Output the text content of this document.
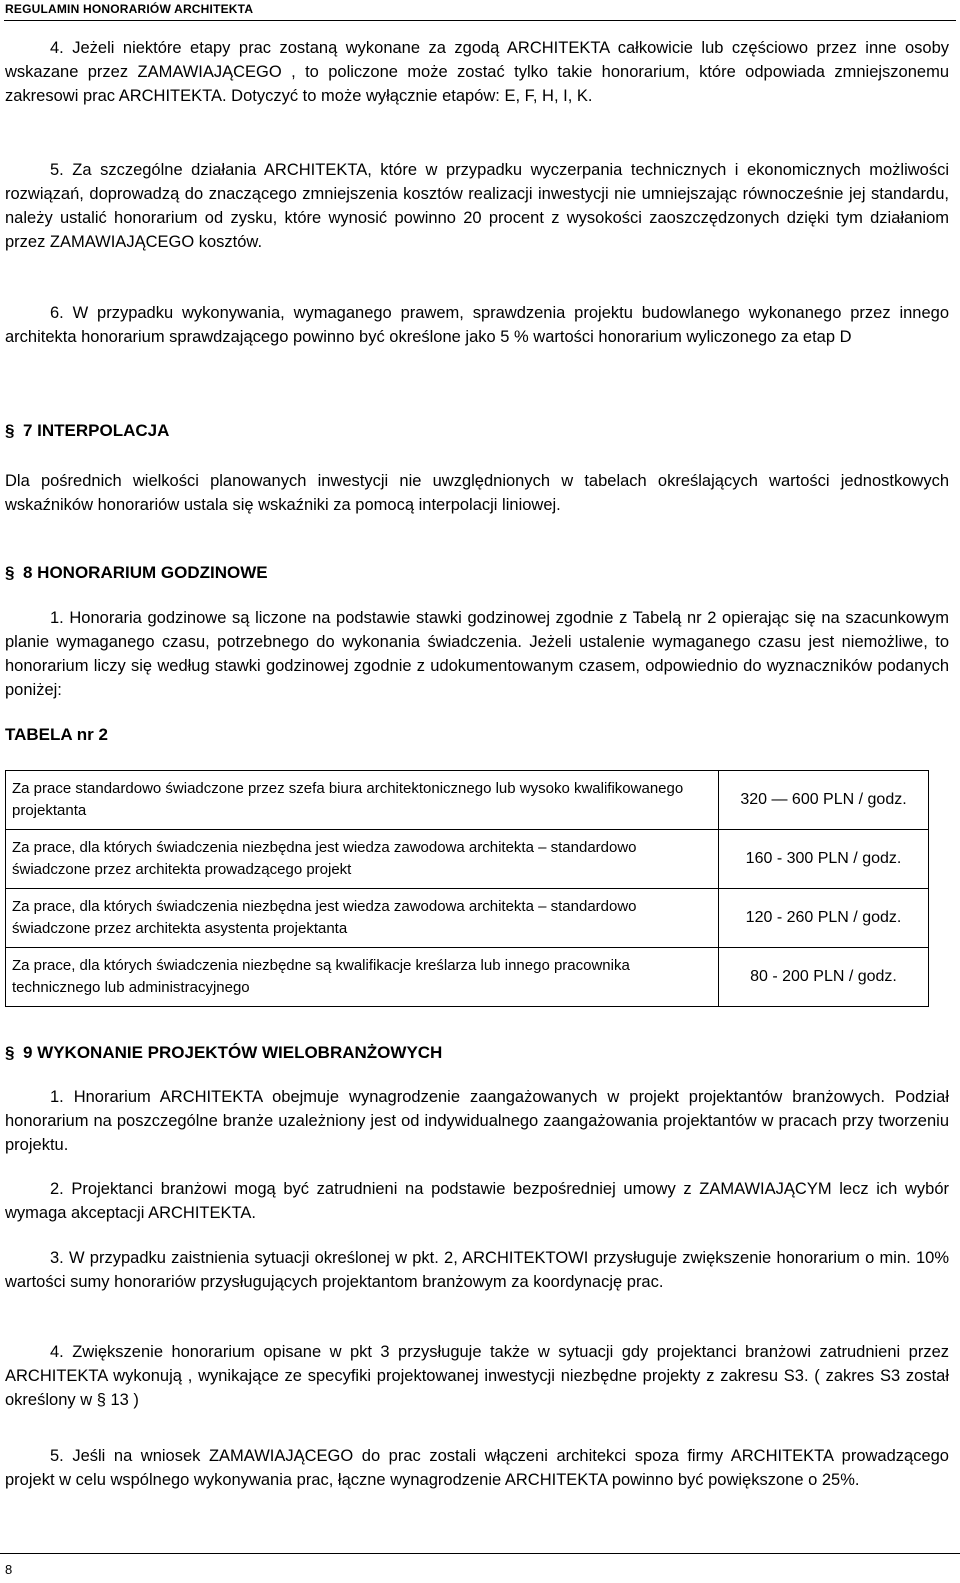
REGULAMIN HONORARIÓW ARCHITEKTA

4. Jeżeli niektóre etapy prac zostaną wykonane za zgodą ARCHITEKTA całkowicie lub częściowo przez inne osoby wskazane przez ZAMAWIAJĄCEGO , to policzone może zostać tylko takie honorarium, które odpowiada zmniejszonemu zakresowi prac ARCHITEKTA. Dotyczyć to może wyłącznie etapów: E, F, H, I, K.

5. Za szczególne działania ARCHITEKTA, które w przypadku wyczerpania technicznych i ekonomicznych możliwości rozwiązań, doprowadzą do znaczącego zmniejszenia kosztów realizacji inwestycji nie umniejszając równocześnie jej standardu, należy ustalić honorarium od zysku, które wynosić powinno 20 procent z wysokości zaoszczędzonych dzięki tym działaniom przez ZAMAWIAJĄCEGO kosztów.

6. W przypadku wykonywania, wymaganego prawem, sprawdzenia projektu budowlanego wykonanego przez innego architekta honorarium sprawdzającego powinno być określone jako 5 % wartości honorarium wyliczonego za etap D

§ 7 INTERPOLACJA

Dla pośrednich wielkości planowanych inwestycji nie uwzględnionych w tabelach określających wartości jednostkowych wskaźników honorariów ustala się wskaźniki za pomocą interpolacji liniowej.

§ 8 HONORARIUM GODZINOWE

1. Honoraria godzinowe są liczone na podstawie stawki godzinowej zgodnie z Tabelą nr 2 opierając się na szacunkowym planie wymaganego czasu, potrzebnego do wykonania świadczenia. Jeżeli ustalenie wymaganego czasu jest niemożliwe, to honorarium liczy się według stawki godzinowej zgodnie z udokumentowanym czasem, odpowiednio do wyznaczników podanych poniżej:

TABELA nr 2
Za prace standardowo świadczone przez szefa biura architektonicznego lub wysoko kwalifikowanego projektanta	320 — 600 PLN / godz.
Za prace, dla których świadczenia niezbędna jest wiedza zawodowa architekta – standardowo świadczone przez architekta prowadzącego projekt	160 - 300 PLN / godz.
Za prace, dla których świadczenia niezbędna jest wiedza zawodowa architekta – standardowo świadczone przez architekta asystenta projektanta	120 - 260 PLN / godz.
Za prace, dla których świadczenia niezbędne są kwalifikacje kreślarza lub innego pracownika technicznego lub administracyjnego	80 - 200 PLN / godz.
§ 9 WYKONANIE PROJEKTÓW WIELOBRANŻOWYCH

1. Hnorarium ARCHITEKTA obejmuje wynagrodzenie zaangażowanych w projekt projektantów branżowych. Podział honorarium na poszczególne branże uzależniony jest od indywidualnego zaangażowania projektantów w pracach przy tworzeniu projektu.

2. Projektanci branżowi mogą być zatrudnieni na podstawie bezpośredniej umowy z ZAMAWIAJĄCYM lecz ich wybór wymaga akceptacji ARCHITEKTA.

3. W przypadku zaistnienia sytuacji określonej w pkt. 2, ARCHITEKTOWI przysługuje zwiększenie honorarium o min. 10% wartości sumy honorariów przysługujących projektantom branżowym za koordynację prac.

4. Zwiększenie honorarium opisane w pkt 3 przysługuje także w sytuacji gdy projektanci branżowi zatrudnieni przez ARCHITEKTA wykonują , wynikające ze specyfiki projektowanej inwestycji niezbędne projekty z zakresu S3. ( zakres S3 został określony w § 13 )

5. Jeśli na wniosek ZAMAWIAJĄCEGO do prac zostali włączeni architekci spoza firmy ARCHITEKTA prowadzącego projekt w celu wspólnego wykonywania prac, łączne wynagrodzenie ARCHITEKTA powinno być powiększone o 25%.

8
